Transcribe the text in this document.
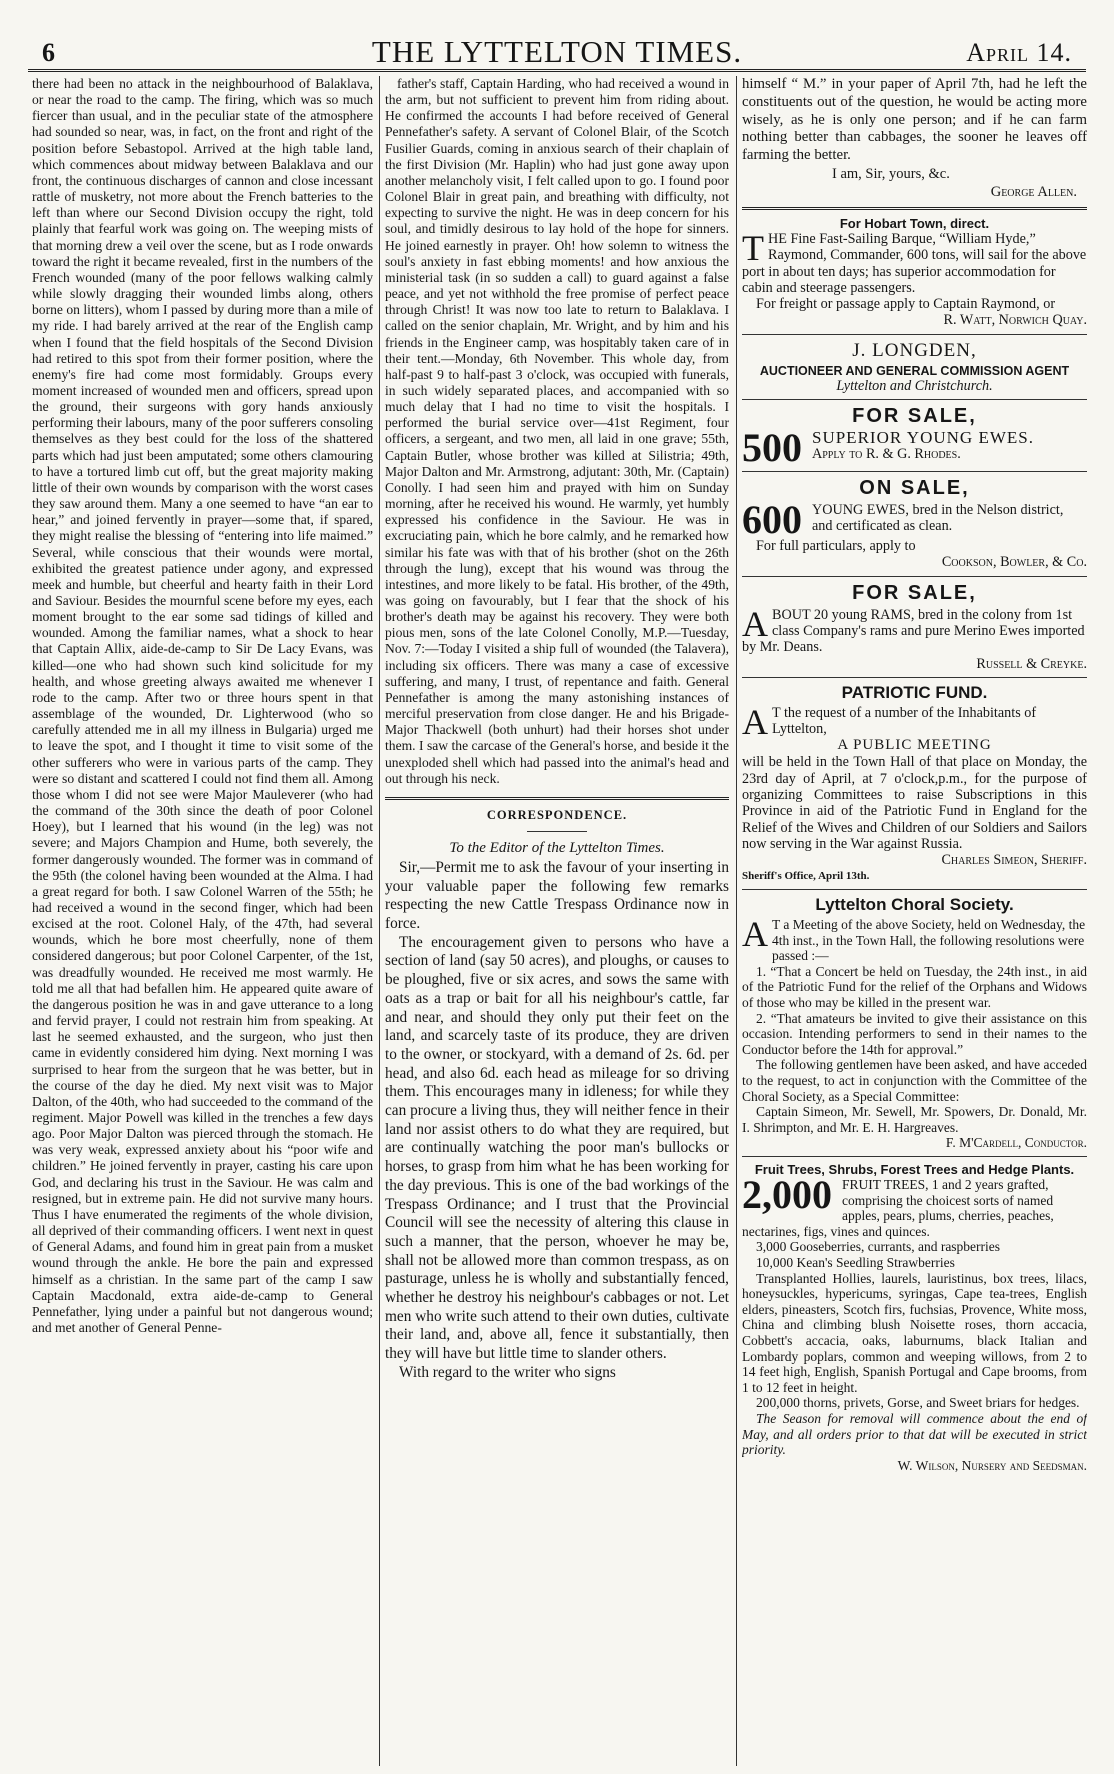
6	THE LYTTELTON TIMES.	April 14.

there had been no attack in the neighbourhood of Balaklava, or near the road to the camp. The firing, which was so much fiercer than usual, and in the peculiar state of the atmosphere had sounded so near, was, in fact, on the front and right of the position before Sebastopol. Arrived at the high table land, which commences about midway between Balaklava and our front, the continuous discharges of cannon and close incessant rattle of musketry, not more about the French batteries to the left than where our Second Division occupy the right, told plainly that fearful work was going on. The weeping mists of that morning drew a veil over the scene, but as I rode onwards toward the right it became revealed, first in the numbers of the French wounded (many of the poor fellows walking calmly while slowly dragging their wounded limbs along, others borne on litters), whom I passed by during more than a mile of my ride. I had barely arrived at the rear of the English camp when I found that the field hospitals of the Second Division had retired to this spot from their former position, where the enemy's fire had come most formidably. Groups every moment increased of wounded men and officers, spread upon the ground, their surgeons with gory hands anxiously performing their labours, many of the poor sufferers consoling themselves as they best could for the loss of the shattered parts which had just been amputated; some others clamouring to have a tortured limb cut off, but the great majority making little of their own wounds by comparison with the worst cases they saw around them. Many a one seemed to have “an ear to hear,” and joined fervently in prayer—some that, if spared, they might realise the blessing of “entering into life maimed.” Several, while conscious that their wounds were mortal, exhibited the greatest patience under agony, and expressed meek and humble, but cheerful and hearty faith in their Lord and Saviour. Besides the mournful scene before my eyes, each moment brought to the ear some sad tidings of killed and wounded. Among the familiar names, what a shock to hear that Captain Allix, aide-de-camp to Sir De Lacy Evans, was killed—one who had shown such kind solicitude for my health, and whose greeting always awaited me whenever I rode to the camp. After two or three hours spent in that assemblage of the wounded, Dr. Lighterwood (who so carefully attended me in all my illness in Bulgaria) urged me to leave the spot, and I thought it time to visit some of the other sufferers who were in various parts of the camp. They were so distant and scattered I could not find them all. Among those whom I did not see were Major Mauleverer (who had the command of the 30th since the death of poor Colonel Hoey), but I learned that his wound (in the leg) was not severe; and Majors Champion and Hume, both severely, the former dangerously wounded. The former was in command of the 95th (the colonel having been wounded at the Alma. I had a great regard for both. I saw Colonel Warren of the 55th; he had received a wound in the second finger, which had been excised at the root. Colonel Haly, of the 47th, had several wounds, which he bore most cheerfully, none of them considered dangerous; but poor Colonel Carpenter, of the 1st, was dreadfully wounded. He received me most warmly. He told me all that had befallen him. He appeared quite aware of the dangerous position he was in and gave utterance to a long and fervid prayer, I could not restrain him from speaking. At last he seemed exhausted, and the surgeon, who just then came in evidently considered him dying. Next morning I was surprised to hear from the surgeon that he was better, but in the course of the day he died. My next visit was to Major Dalton, of the 40th, who had succeeded to the command of the regiment. Major Powell was killed in the trenches a few days ago. Poor Major Dalton was pierced through the stomach. He was very weak, expressed anxiety about his “poor wife and children.” He joined fervently in prayer, casting his care upon God, and declaring his trust in the Saviour. He was calm and resigned, but in extreme pain. He did not survive many hours. Thus I have enumerated the regiments of the whole division, all deprived of their commanding officers. I went next in quest of General Adams, and found him in great pain from a musket wound through the ankle. He bore the pain and expressed himself as a christian. In the same part of the camp I saw Captain Macdonald, extra aide-de-camp to General Pennefather, lying under a painful but not dangerous wound; and met another of General Penne-

father's staff, Captain Harding, who had received a wound in the arm, but not sufficient to prevent him from riding about. He confirmed the accounts I had before received of General Pennefather's safety. A servant of Colonel Blair, of the Scotch Fusilier Guards, coming in anxious search of their chaplain of the first Division (Mr. Haplin) who had just gone away upon another melancholy visit, I felt called upon to go. I found poor Colonel Blair in great pain, and breathing with difficulty, not expecting to survive the night. He was in deep concern for his soul, and timidly desirous to lay hold of the hope for sinners. He joined earnestly in prayer. Oh! how solemn to witness the soul's anxiety in fast ebbing moments! and how anxious the ministerial task (in so sudden a call) to guard against a false peace, and yet not withhold the free promise of perfect peace through Christ! It was now too late to return to Balaklava. I called on the senior chaplain, Mr. Wright, and by him and his friends in the Engineer camp, was hospitably taken care of in their tent.—Monday, 6th November. This whole day, from half-past 9 to half-past 3 o'clock, was occupied with funerals, in such widely separated places, and accompanied with so much delay that I had no time to visit the hospitals. I performed the burial service over—41st Regiment, four officers, a sergeant, and two men, all laid in one grave; 55th, Captain Butler, whose brother was killed at Silistria; 49th, Major Dalton and Mr. Armstrong, adjutant: 30th, Mr. (Captain) Conolly. I had seen him and prayed with him on Sunday morning, after he received his wound. He warmly, yet humbly expressed his confidence in the Saviour. He was in excruciating pain, which he bore calmly, and he remarked how similar his fate was with that of his brother (shot on the 26th through the lung), except that his wound was throug the intestines, and more likely to be fatal. His brother, of the 49th, was going on favourably, but I fear that the shock of his brother's death may be against his recovery. They were both pious men, sons of the late Colonel Conolly, M.P.—Tuesday, Nov. 7:—Today I visited a ship full of wounded (the Talavera), including six officers. There was many a case of excessive suffering, and many, I trust, of repentance and faith. General Pennefather is among the many astonishing instances of merciful preservation from close danger. He and his Brigade-Major Thackwell (both unhurt) had their horses shot under them. I saw the carcase of the General's horse, and beside it the unexploded shell which had passed into the animal's head and out through his neck.

CORRESPONDENCE.
To the Editor of the Lyttelton Times.

Sir,—Permit me to ask the favour of your inserting in your valuable paper the following few remarks respecting the new Cattle Trespass Ordinance now in force.

The encouragement given to persons who have a section of land (say 50 acres), and ploughs, or causes to be ploughed, five or six acres, and sows the same with oats as a trap or bait for all his neighbour's cattle, far and near, and should they only put their feet on the land, and scarcely taste of its produce, they are driven to the owner, or stockyard, with a demand of 2s. 6d. per head, and also 6d. each head as mileage for so driving them. This encourages many in idleness; for while they can procure a living thus, they will neither fence in their land nor assist others to do what they are required, but are continually watching the poor man's bullocks or horses, to grasp from him what he has been working for the day previous. This is one of the bad workings of the Trespass Ordinance; and I trust that the Provincial Council will see the necessity of altering this clause in such a manner, that the person, whoever he may be, shall not be allowed more than common trespass, as on pasturage, unless he is wholly and substantially fenced, whether he destroy his neighbour's cabbages or not. Let men who write such attend to their own duties, cultivate their land, and, above all, fence it substantially, then they will have but little time to slander others.

With regard to the writer who signs

himself “ M.” in your paper of April 7th, had he left the constituents out of the question, he would be acting more wisely, as he is only one person; and if he can farm nothing better than cabbages, the sooner he leaves off farming the better.

I am, Sir, yours, &c.
George Allen.
For Hobart Town, direct.
T HE Fine Fast-Sailing Barque, “William Hyde,” Raymond, Commander, 600 tons, will sail for the above port in about ten days; has superior accommodation for cabin and steerage passengers.
For freight or passage apply to Captain Raymond, or
R. Watt, Norwich Quay.
J. LONGDEN,
AUCTIONEER AND GENERAL COMMISSION AGENT
Lyttelton and Christchurch.
FOR SALE,
500 SUPERIOR YOUNG EWES.
Apply to R. & G. Rhodes.
ON SALE,
600 YOUNG EWES, bred in the Nelson district, and certificated as clean.
For full particulars, apply to
Cookson, Bowler, & Co.
FOR SALE,
A BOUT 20 young RAMS, bred in the colony from 1st class Company's rams and pure Merino Ewes imported by Mr. Deans.
Russell & Creyke.
PATRIOTIC FUND.
A T the request of a number of the Inhabitants of Lyttelton,
A PUBLIC MEETING
will be held in the Town Hall of that place on Monday, the 23rd day of April, at 7 o'clock,p.m., for the purpose of organizing Committees to raise Subscriptions in this Province in aid of the Patriotic Fund in England for the Relief of the Wives and Children of our Soldiers and Sailors now serving in the War against Russia.
Charles Simeon, Sheriff.
Sheriff's Office, April 13th.
Lyttelton Choral Society.
A T a Meeting of the above Society, held on Wednesday, the 4th inst., in the Town Hall, the following resolutions were passed :—
1. “That a Concert be held on Tuesday, the 24th inst., in aid of the Patriotic Fund for the relief of the Orphans and Widows of those who may be killed in the present war.
2. “That amateurs be invited to give their assistance on this occasion. Intending performers to send in their names to the Conductor before the 14th for approval.”
The following gentlemen have been asked, and have acceded to the request, to act in conjunction with the Committee of the Choral Society, as a Special Committee:
Captain Simeon, Mr. Sewell, Mr. Spowers, Dr. Donald, Mr. I. Shrimpton, and Mr. E. H. Hargreaves.
F. M'Cardell, Conductor.
Fruit Trees, Shrubs, Forest Trees and Hedge Plants.
2,000 FRUIT TREES, 1 and 2 years grafted, comprising the choicest sorts of named apples, pears, plums, cherries, peaches, nectarines, figs, vines and quinces.
3,000 Gooseberries, currants, and raspberries
10,000 Kean's Seedling Strawberries
Transplanted Hollies, laurels, lauristinus, box trees, lilacs, honeysuckles, hypericums, syringas, Cape tea-trees, English elders, pineasters, Scotch firs, fuchsias, Provence, White moss, China and climbing blush Noisette roses, thorn accacia, Cobbett's accacia, oaks, laburnums, black Italian and Lombardy poplars, common and weeping willows, from 2 to 14 feet high, English, Spanish Portugal and Cape brooms, from 1 to 12 feet in height.
200,000 thorns, privets, Gorse, and Sweet briars for hedges.
The Season for removal will commence about the end of May, and all orders prior to that dat will be executed in strict priority.
W. Wilson, Nursery and Seedsman.
